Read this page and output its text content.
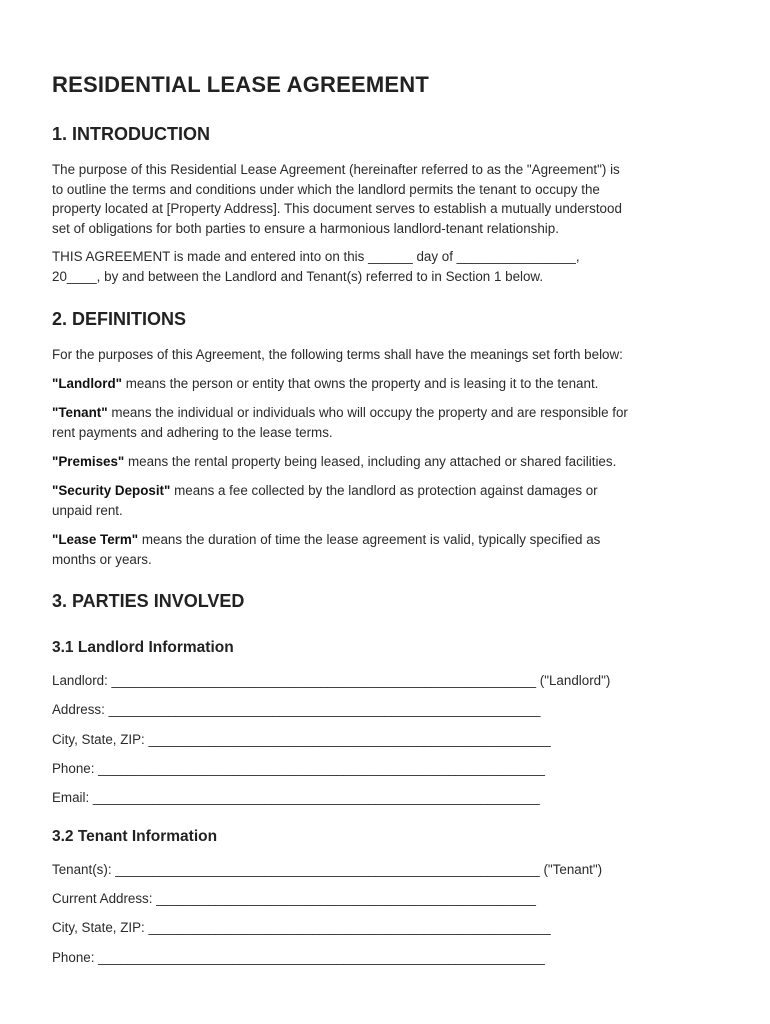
RESIDENTIAL LEASE AGREEMENT
1. INTRODUCTION

The purpose of this Residential Lease Agreement (hereinafter referred to as the "Agreement") is
to outline the terms and conditions under which the landlord permits the tenant to occupy the
property located at [Property Address]. This document serves to establish a mutually understood
set of obligations for both parties to ensure a harmonious landlord-tenant relationship.

THIS AGREEMENT is made and entered into on this ______ day of ________________,
20____, by and between the Landlord and Tenant(s) referred to in Section 1 below.

2. DEFINITIONS

For the purposes of this Agreement, the following terms shall have the meanings set forth below:

"Landlord" means the person or entity that owns the property and is leasing it to the tenant.

"Tenant" means the individual or individuals who will occupy the property and are responsible for
rent payments and adhering to the lease terms.

"Premises" means the rental property being leased, including any attached or shared facilities.

"Security Deposit" means a fee collected by the landlord as protection against damages or
unpaid rent.

"Lease Term" means the duration of time the lease agreement is valid, typically specified as
months or years.

3. PARTIES INVOLVED
3.1 Landlord Information
Landlord: _________________________________________________________ ("Landlord")
Address: __________________________________________________________
City, State, ZIP: ______________________________________________________
Phone: ____________________________________________________________
Email: ____________________________________________________________
3.2 Tenant Information
Tenant(s): _________________________________________________________ ("Tenant")
Current Address: ___________________________________________________
City, State, ZIP: ______________________________________________________
Phone: ____________________________________________________________
